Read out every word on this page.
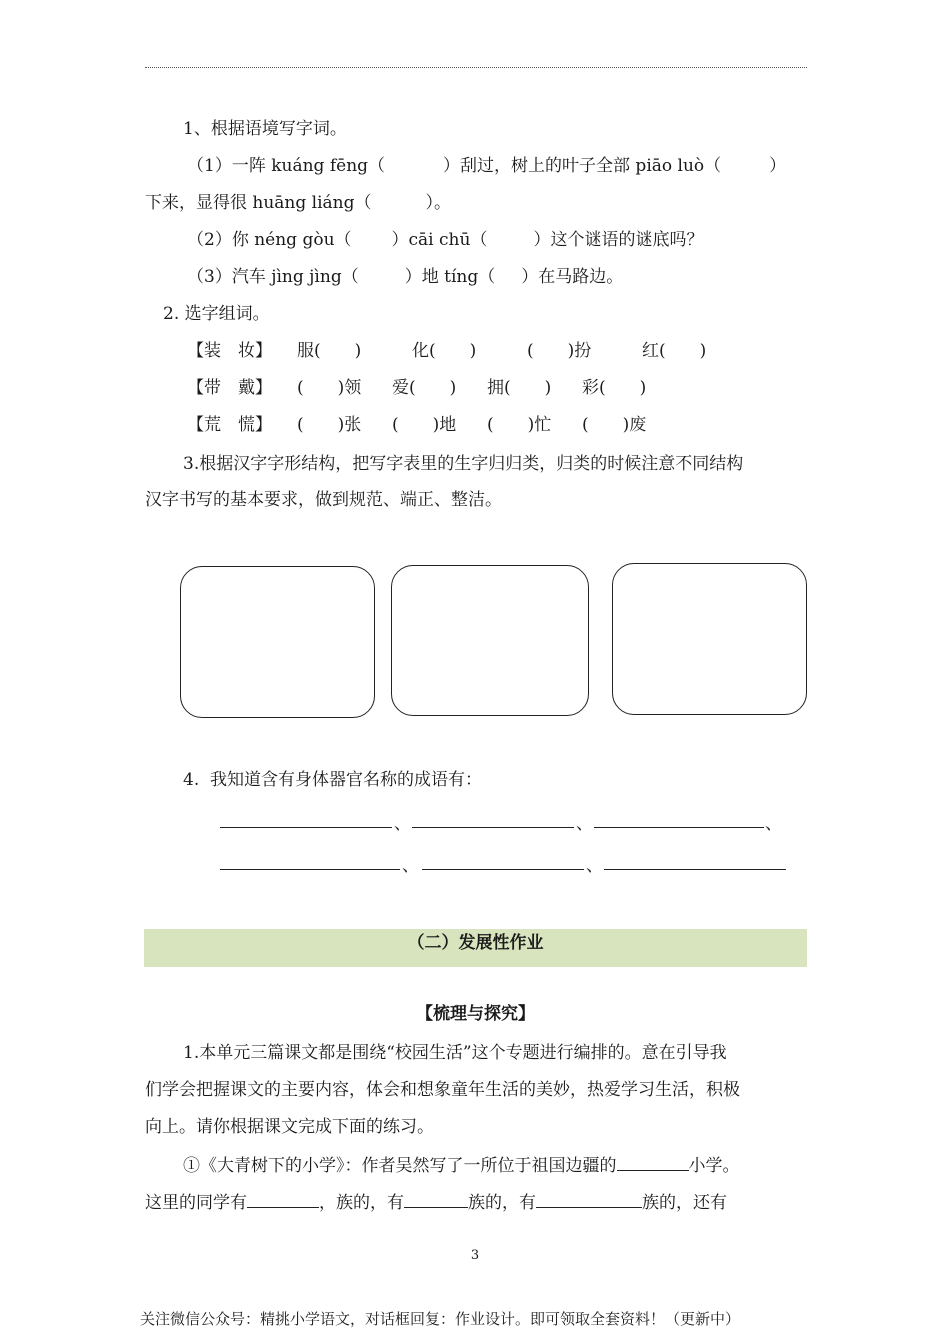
1、根据语境写字词。
（1）一阵 kuáng fēng（	）刮过，树上的叶子全部 piāo luò（	）
下来，显得很 huāng liáng（	）。
（2）你 néng gòu（ ）cāi chū（	）这个谜语的谜底吗？
（3）汽车 jìng jìng（	）地 tíng（ ）在马路边。
2. 选字组词。
【装　妆】 服(　　)	化(　　)	(　　)扮	红(　　)
【带　戴】 (　　)领 爱(　　) 拥(　　) 彩(　　)
【荒　慌】 (　　)张 (　　)地 (　　)忙 (　　)废
3.根据汉字字形结构，把写字表里的生字归归类，归类的时候注意不同结构
汉字书写的基本要求，做到规范、端正、整洁。
4.  我知道含有身体器官名称的成语有：
、	、	、
、	、
（二）发展性作业
【梳理与探究】
1.本单元三篇课文都是围绕“校园生活”这个专题进行编排的。意在引导我
们学会把握课文的主要内容，体会和想象童年生活的美妙，热爱学习生活，积极
向上。请你根据课文完成下面的练习。
①《大青树下的小学》：作者吴然写了一所位于祖国边疆的	小学。
这里的同学有	，族的，有	族的，有	族的，还有
3
关注微信公众号：精挑小学语文，对话框回复：作业设计。即可领取全套资料！（更新中）
